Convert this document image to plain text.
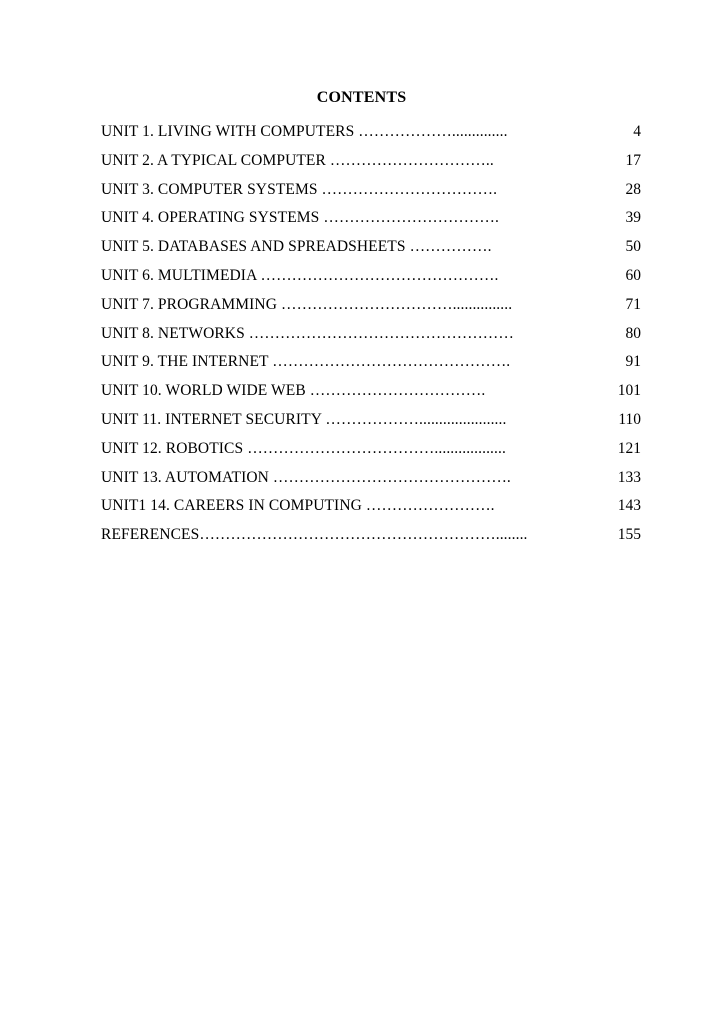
CONTENTS
UNIT 1. LIVING WITH COMPUTERS ………………..............	4
UNIT 2. A TYPICAL COMPUTER …………………………..	17
UNIT 3. COMPUTER SYSTEMS …………………………….	28
UNIT 4. OPERATING SYSTEMS …………………………….	39
UNIT 5. DATABASES AND SPREADSHEETS …………….	50
UNIT 6. MULTIMEDIA ……………………………………….	60
UNIT 7. PROGRAMMING ……………………………...............	71
UNIT 8. NETWORKS ……………………………………………	80
UNIT 9. THE INTERNET ……………………………………….	91
UNIT 10. WORLD WIDE WEB …………………………….	101
UNIT 11. INTERNET SECURITY ………………......................	110
UNIT 12. ROBOTICS ………………………………..................	121
UNIT 13. AUTOMATION ……………………………………….	133
UNIT1 14. CAREERS IN COMPUTING …………………….	143
REFERENCES…………………………………………………........	155
